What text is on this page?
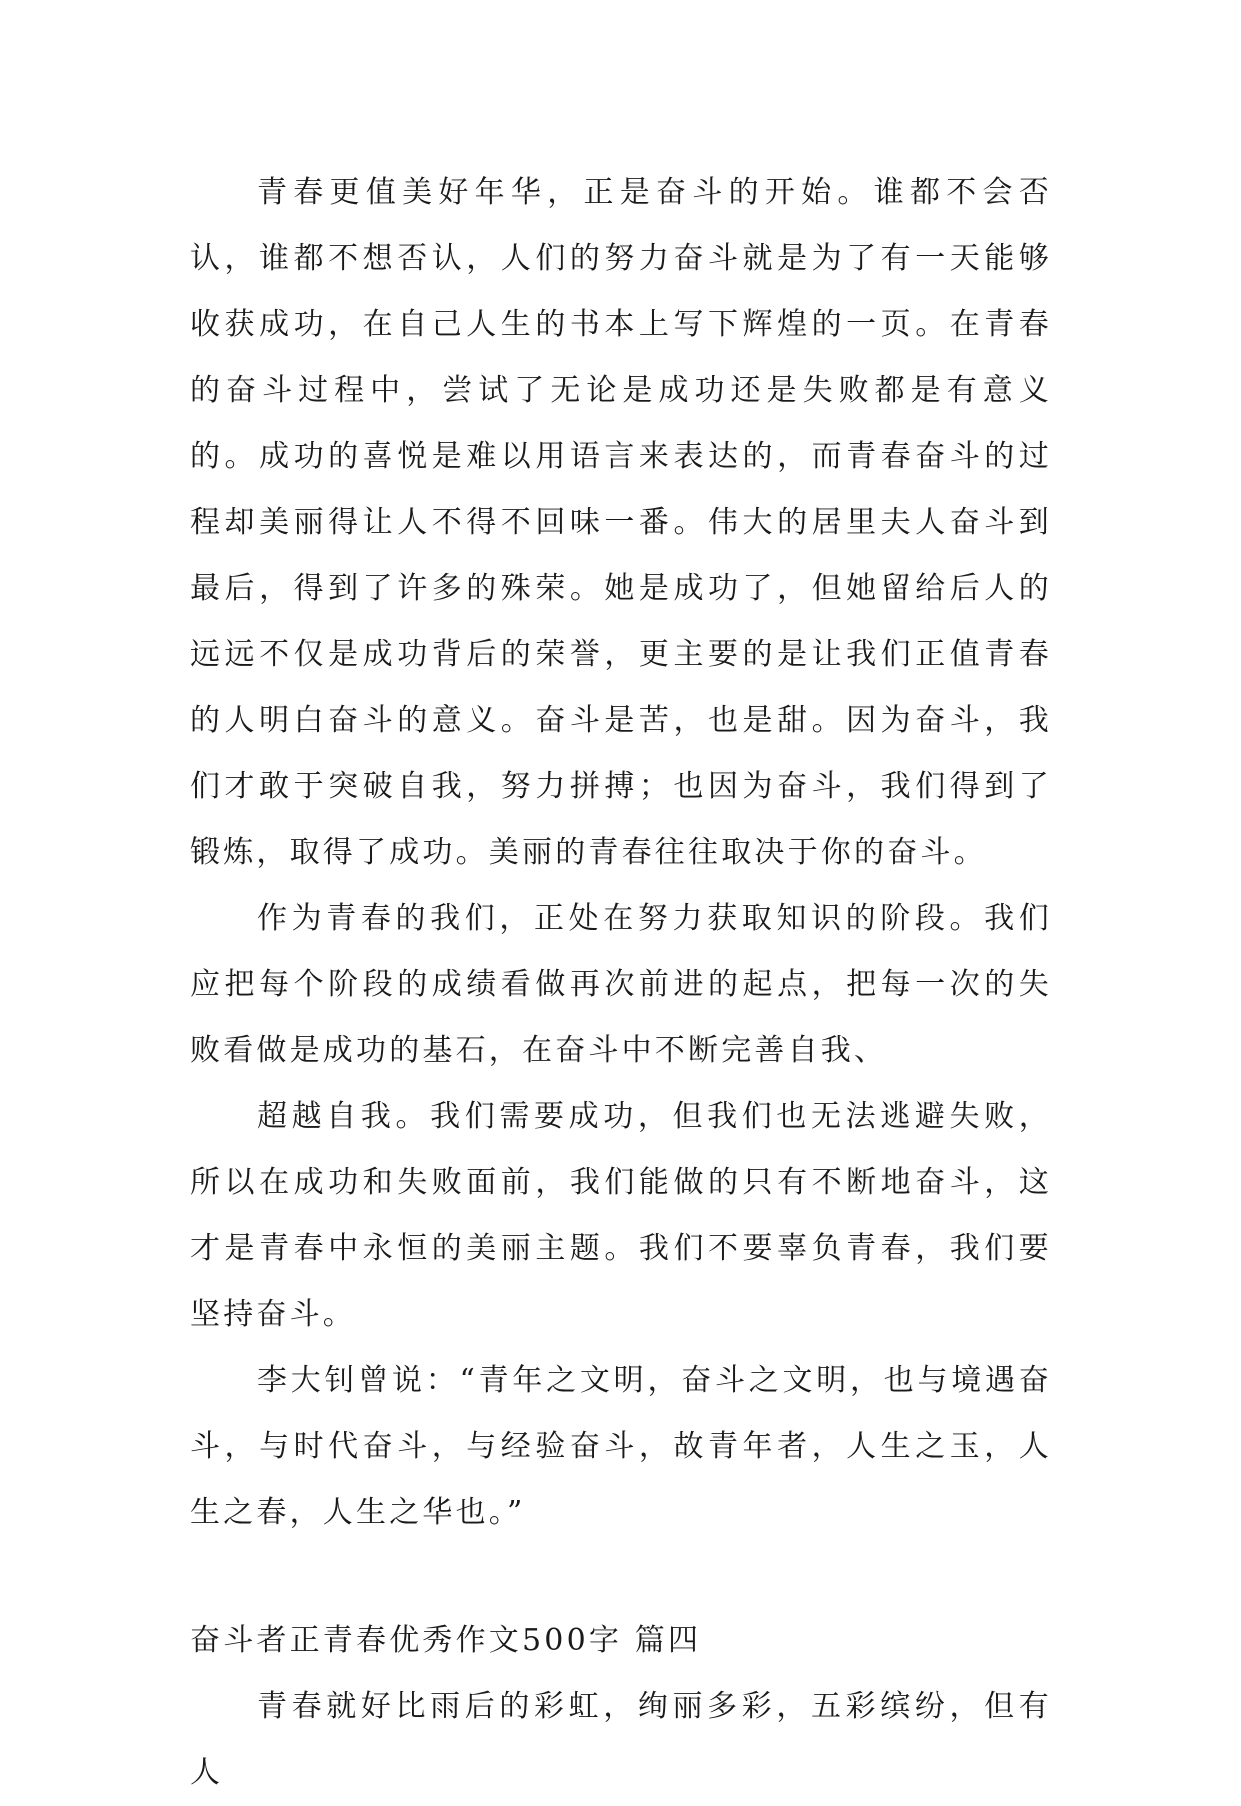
青春更值美好年华，正是奋斗的开始。谁都不会否认，谁都不想否认，人们的努力奋斗就是为了有一天能够收获成功，在自己人生的书本上写下辉煌的一页。在青春的奋斗过程中，尝试了无论是成功还是失败都是有意义的。成功的喜悦是难以用语言来表达的，而青春奋斗的过程却美丽得让人不得不回味一番。伟大的居里夫人奋斗到最后，得到了许多的殊荣。她是成功了，但她留给后人的远远不仅是成功背后的荣誉，更主要的是让我们正值青春的人明白奋斗的意义。奋斗是苦，也是甜。因为奋斗，我们才敢于突破自我，努力拼搏；也因为奋斗，我们得到了锻炼，取得了成功。美丽的青春往往取决于你的奋斗。

作为青春的我们，正处在努力获取知识的阶段。我们应把每个阶段的成绩看做再次前进的起点，把每一次的失败看做是成功的基石，在奋斗中不断完善自我、

超越自我。我们需要成功，但我们也无法逃避失败，所以在成功和失败面前，我们能做的只有不断地奋斗，这才是青春中永恒的美丽主题。我们不要辜负青春，我们要坚持奋斗。

李大钊曾说：“青年之文明，奋斗之文明，也与境遇奋斗，与时代奋斗，与经验奋斗，故青年者，人生之玉，人生之春，人生之华也。”

奋斗者正青春优秀作文500字 篇四

青春就好比雨后的彩虹，绚丽多彩，五彩缤纷，但有人
